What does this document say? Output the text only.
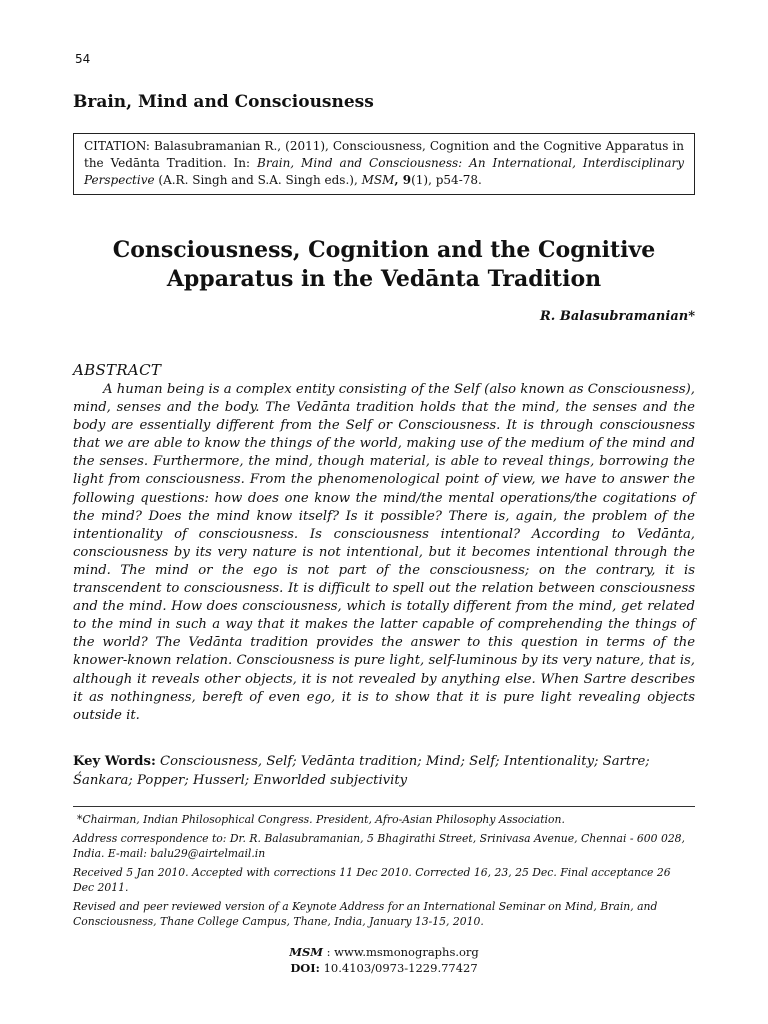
54
Brain, Mind and Consciousness
CITATION: Balasubramanian R., (2011), Consciousness, Cognition and the Cognitive Apparatus in the Vedānta Tradition. In: Brain, Mind and Consciousness: An International, Interdisciplinary Perspective (A.R. Singh and S.A. Singh eds.), MSM, 9(1), p54-78.
Consciousness, Cognition and the Cognitive
Apparatus in the Vedānta Tradition
R. Balasubramanian*
ABSTRACT

A human being is a complex entity consisting of the Self (also known as Consciousness), mind, senses and the body. The Vedānta tradition holds that the mind, the senses and the body are essentially different from the Self or Consciousness. It is through consciousness that we are able to know the things of the world, making use of the medium of the mind and the senses. Furthermore, the mind, though material, is able to reveal things, borrowing the light from consciousness. From the phenomenological point of view, we have to answer the following questions: how does one know the mind/the mental operations/the cogitations of the mind? Does the mind know itself? Is it possible? There is, again, the problem of the intentionality of consciousness. Is consciousness intentional? According to Vedānta, consciousness by its very nature is not intentional, but it becomes intentional through the mind. The mind or the ego is not part of the consciousness; on the contrary, it is transcendent to consciousness. It is difficult to spell out the relation between consciousness and the mind. How does consciousness, which is totally different from the mind, get related to the mind in such a way that it makes the latter capable of comprehending the things of the world? The Vedānta tradition provides the answer to this question in terms of the knower-known relation. Consciousness is pure light, self-luminous by its very nature, that is, although it reveals other objects, it is not revealed by anything else. When Sartre describes it as nothingness, bereft of even ego, it is to show that it is pure light revealing objects outside it.

Key Words: Consciousness, Self; Vedānta tradition; Mind; Self; Intentionality; Sartre; Śankara; Popper; Husserl; Enworlded subjectivity

*Chairman, Indian Philosophical Congress. President, Afro-Asian Philosophy Association.

Address correspondence to: Dr. R. Balasubramanian, 5 Bhagirathi Street, Srinivasa Avenue, Chennai - 600 028, India. E-mail: balu29@airtelmail.in

Received 5 Jan 2010. Accepted with corrections 11 Dec 2010. Corrected 16, 23, 25 Dec. Final acceptance 26 Dec 2011.

Revised and peer reviewed version of a Keynote Address for an International Seminar on Mind, Brain, and Consciousness, Thane College Campus, Thane, India, January 13-15, 2010.

MSM : www.msmonographs.org
DOI: 10.4103/0973-1229.77427
